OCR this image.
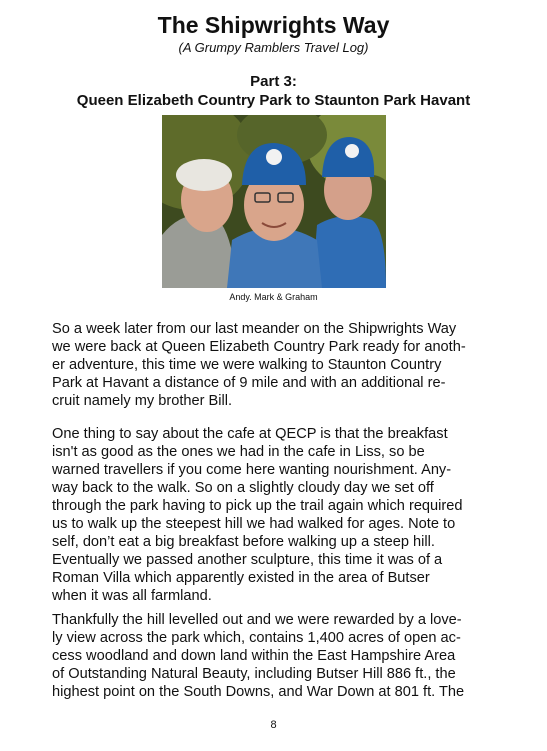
The Shipwrights Way
(A Grumpy Ramblers Travel Log)
Part 3:
Queen Elizabeth Country Park to Staunton Park Havant
Andy. Mark & Graham

So a week later from our last meander on the Shipwrights Way
we were back at Queen Elizabeth Country Park ready for anoth-
er adventure, this time we were walking to Staunton Country
Park at Havant a distance of 9 mile and with an additional re-
cruit namely my brother Bill.

One thing to say about the cafe at QECP is that the breakfast
isn't as good as the ones we had in the cafe in Liss, so be
warned travellers if you come here wanting nourishment. Any-
way back to the walk. So on a slightly cloudy day we set off
through the park having to pick up the trail again which required
us to walk up the steepest hill we had walked for ages. Note to
self, don’t eat a big breakfast before walking up a steep hill.
Eventually we passed another sculpture, this time it was of a
Roman Villa which apparently existed in the area of Butser
when it was all farmland.

Thankfully the hill levelled out and we were rewarded by a love-
ly view across the park which, contains 1,400 acres of open ac-
cess woodland and down land within the East Hampshire Area
of Outstanding Natural Beauty, including Butser Hill 886 ft., the
highest point on the South Downs, and War Down at 801 ft. The

8
